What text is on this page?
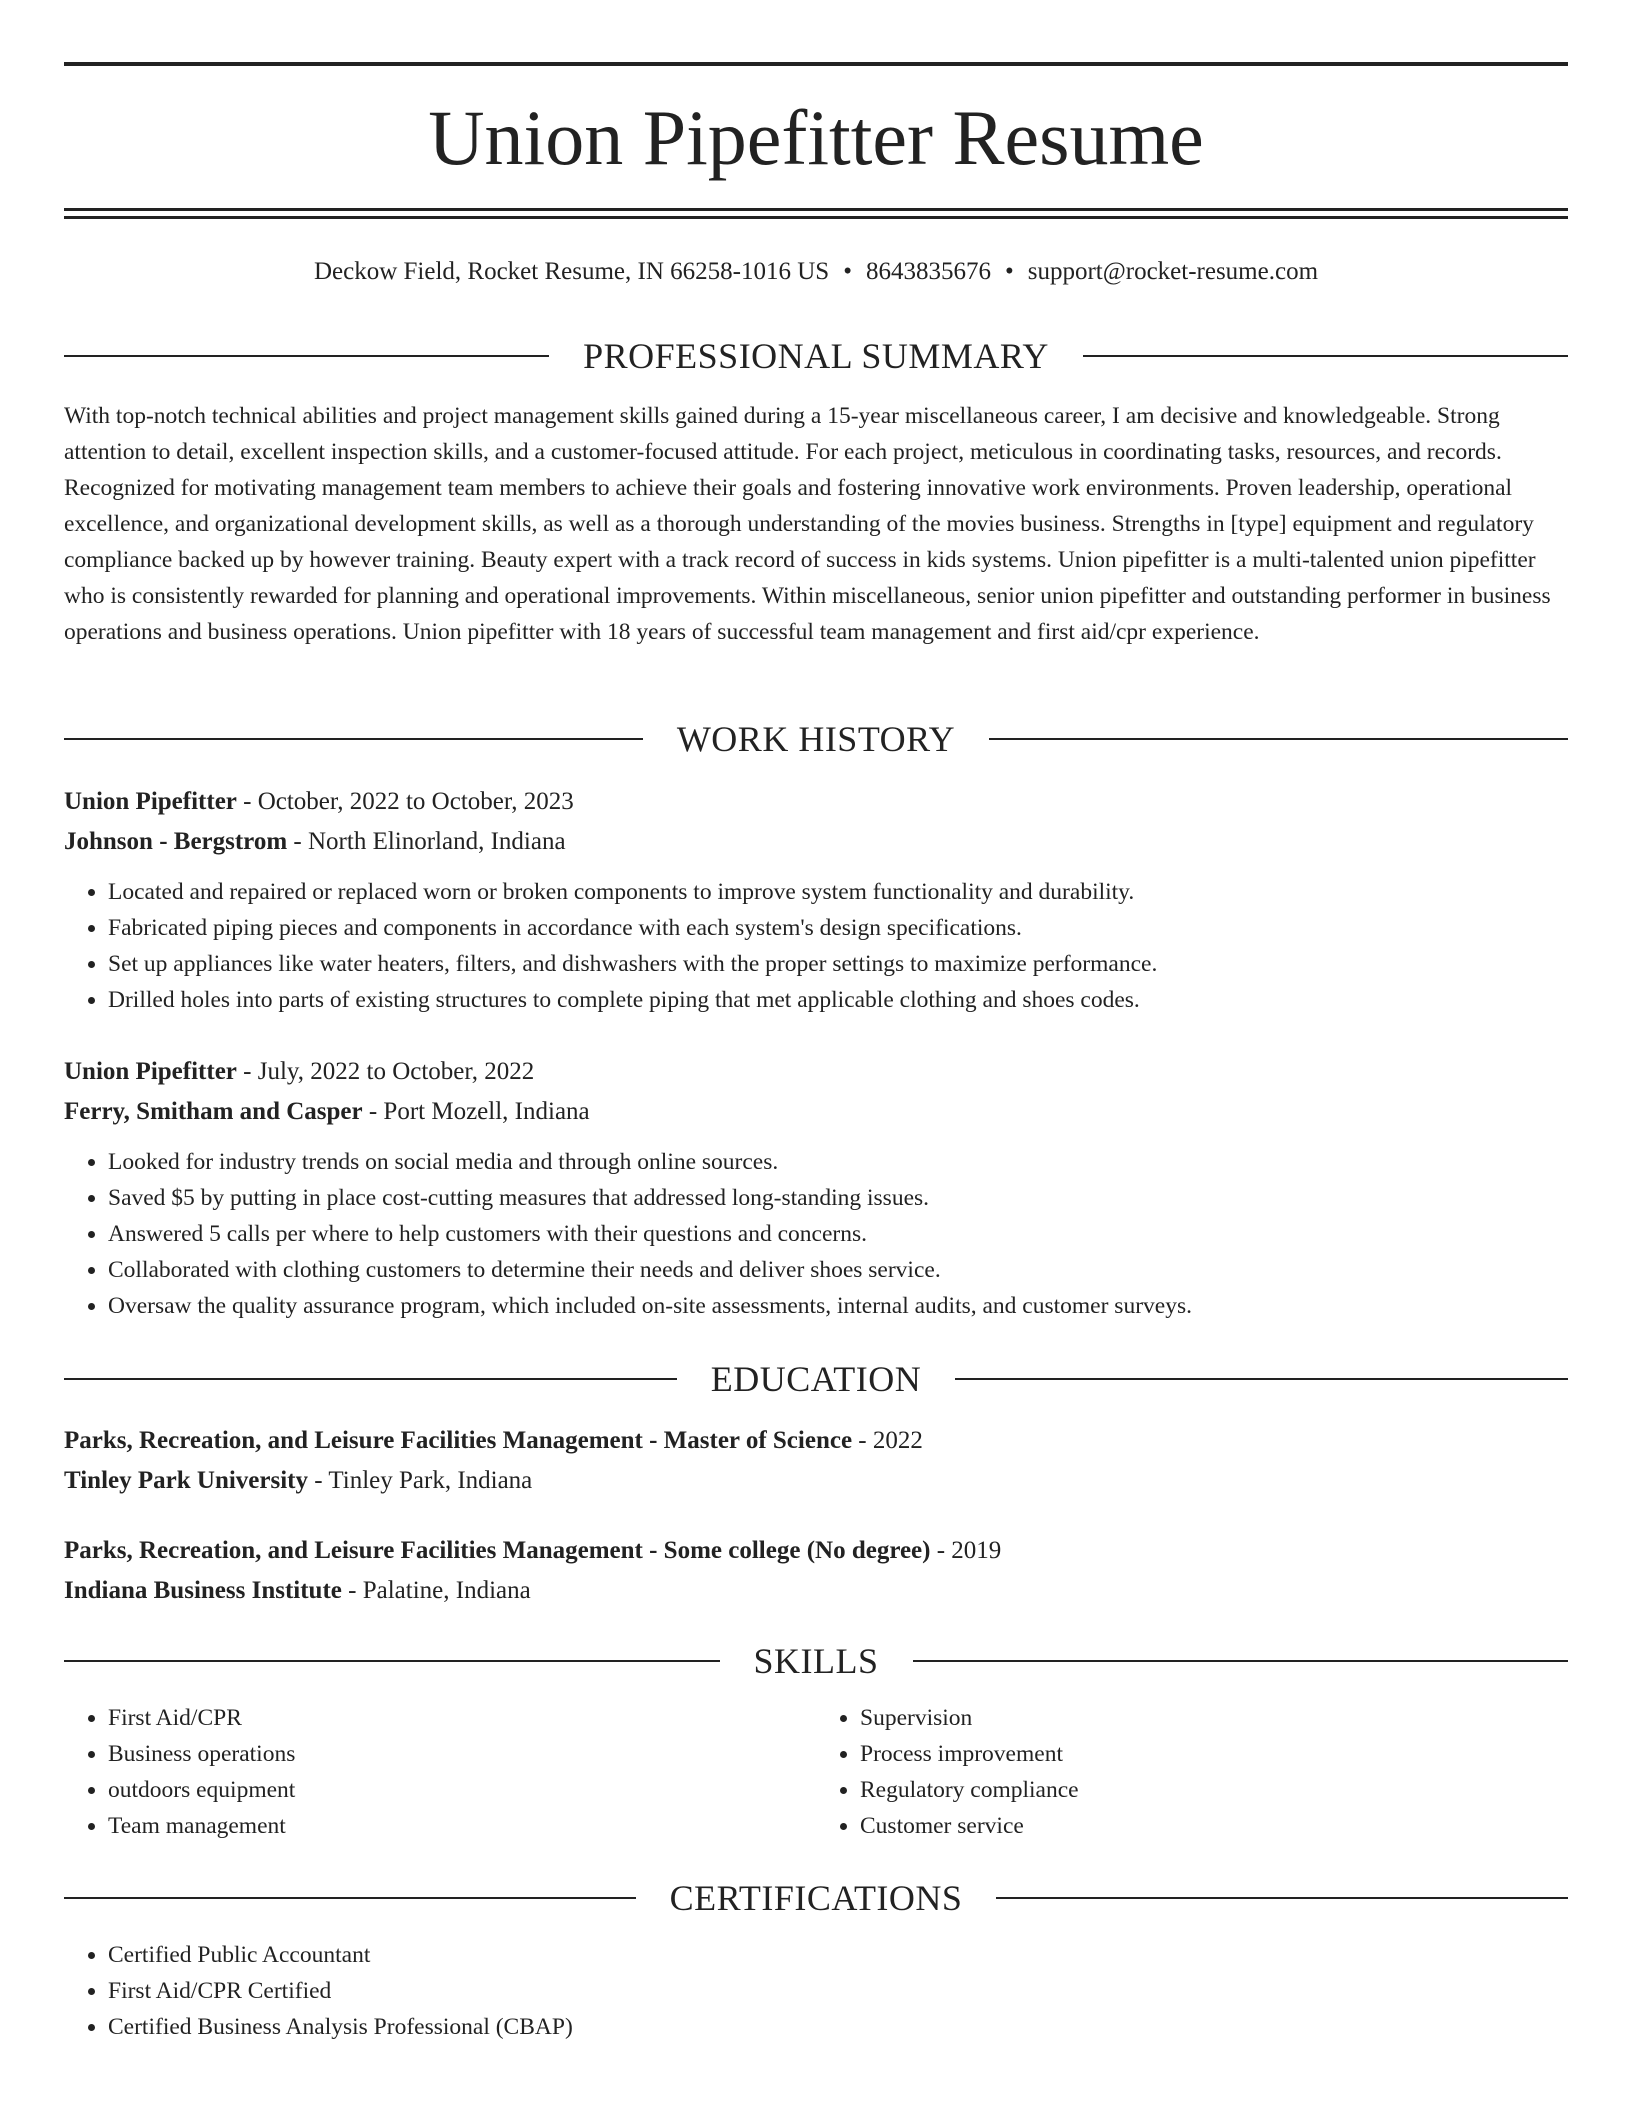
Union Pipefitter Resume
Deckow Field, Rocket Resume, IN 66258-1016 US • 8643835676 • support@rocket-resume.com
PROFESSIONAL SUMMARY

With top-notch technical abilities and project management skills gained during a 15-year miscellaneous career, I am decisive and knowledgeable. Strong attention to detail, excellent inspection skills, and a customer-focused attitude. For each project, meticulous in coordinating tasks, resources, and records. Recognized for motivating management team members to achieve their goals and fostering innovative work environments. Proven leadership, operational excellence, and organizational development skills, as well as a thorough understanding of the movies business. Strengths in [type] equipment and regulatory compliance backed up by however training. Beauty expert with a track record of success in kids systems. Union pipefitter is a multi-talented union pipefitter who is consistently rewarded for planning and operational improvements. Within miscellaneous, senior union pipefitter and outstanding performer in business operations and business operations. Union pipefitter with 18 years of successful team management and first aid/cpr experience.

WORK HISTORY
Union Pipefitter - October, 2022 to October, 2023
Johnson - Bergstrom - North Elinorland, Indiana
• Located and repaired or replaced worn or broken components to improve system functionality and durability.
• Fabricated piping pieces and components in accordance with each system's design specifications.
• Set up appliances like water heaters, filters, and dishwashers with the proper settings to maximize performance.
• Drilled holes into parts of existing structures to complete piping that met applicable clothing and shoes codes.
Union Pipefitter - July, 2022 to October, 2022
Ferry, Smitham and Casper - Port Mozell, Indiana
• Looked for industry trends on social media and through online sources.
• Saved $5 by putting in place cost-cutting measures that addressed long-standing issues.
• Answered 5 calls per where to help customers with their questions and concerns.
• Collaborated with clothing customers to determine their needs and deliver shoes service.
• Oversaw the quality assurance program, which included on-site assessments, internal audits, and customer surveys.
EDUCATION
Parks, Recreation, and Leisure Facilities Management - Master of Science - 2022
Tinley Park University - Tinley Park, Indiana
Parks, Recreation, and Leisure Facilities Management - Some college (No degree) - 2019
Indiana Business Institute - Palatine, Indiana
SKILLS
• First Aid/CPR
• Business operations
• outdoors equipment
• Team management
• Supervision
• Process improvement
• Regulatory compliance
• Customer service
CERTIFICATIONS
• Certified Public Accountant
• First Aid/CPR Certified
• Certified Business Analysis Professional (CBAP)
